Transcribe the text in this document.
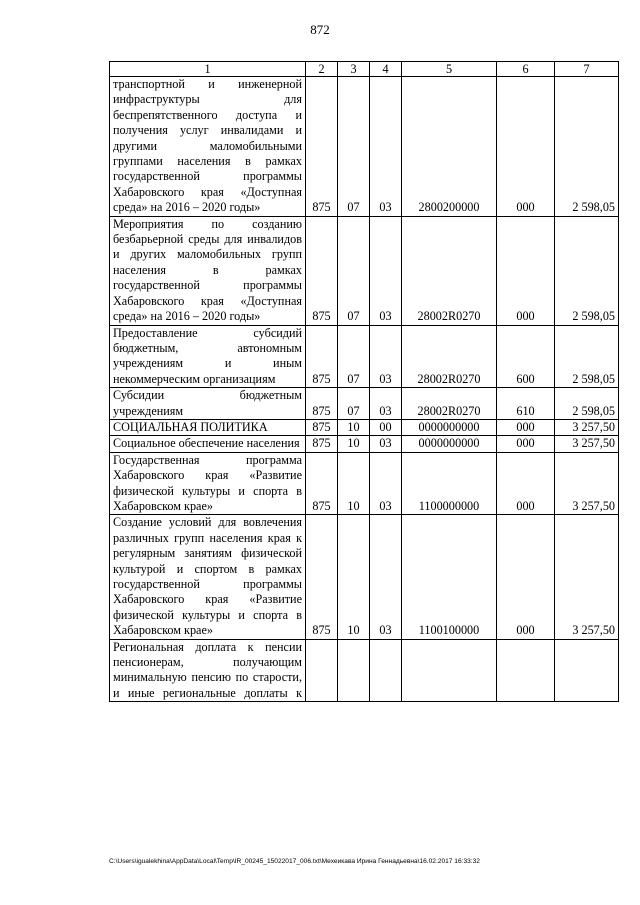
872
1	2	3	4	5	6	7
транспортной и инженерной инфраструктуры для беспрепятственного доступа и получения услуг инвалидами и другими маломобильными группами населения в рамках государственной программы Хабаровского края «Доступная среда» на 2016 – 2020 годы»	875	07	03	2800200000	000	2 598,05
Мероприятия по созданию безбарьерной среды для инвалидов и других маломобильных групп населения в рамках государственной программы Хабаровского края «Доступная среда» на 2016 – 2020 годы»	875	07	03	28002R0270	000	2 598,05
Предоставление субсидий бюджетным, автономным учреждениям и иным некоммерческим организациям	875	07	03	28002R0270	600	2 598,05
Субсидии бюджетным учреждениям	875	07	03	28002R0270	610	2 598,05
СОЦИАЛЬНАЯ ПОЛИТИКА	875	10	00	0000000000	000	3 257,50
Социальное обеспечение населения	875	10	03	0000000000	000	3 257,50
Государственная программа Хабаровского края «Развитие физической культуры и спорта в Хабаровском крае»	875	10	03	1100000000	000	3 257,50
Создание условий для вовлечения различных групп населения края к регулярным занятиям физической культурой и спортом в рамках государственной программы Хабаровского края «Развитие физической культуры и спорта в Хабаровском крае»	875	10	03	1100100000	000	3 257,50
Региональная доплата к пенсии пенсионерам, получающим минимальную пенсию по старости, и иные региональные доплаты к						
C:\Users\igualekhina\AppData\Local\Temp\IR_00245_15022017_006.txt\Мехеикава Ирина Геннадьевна\16.02.2017 16:33:32
